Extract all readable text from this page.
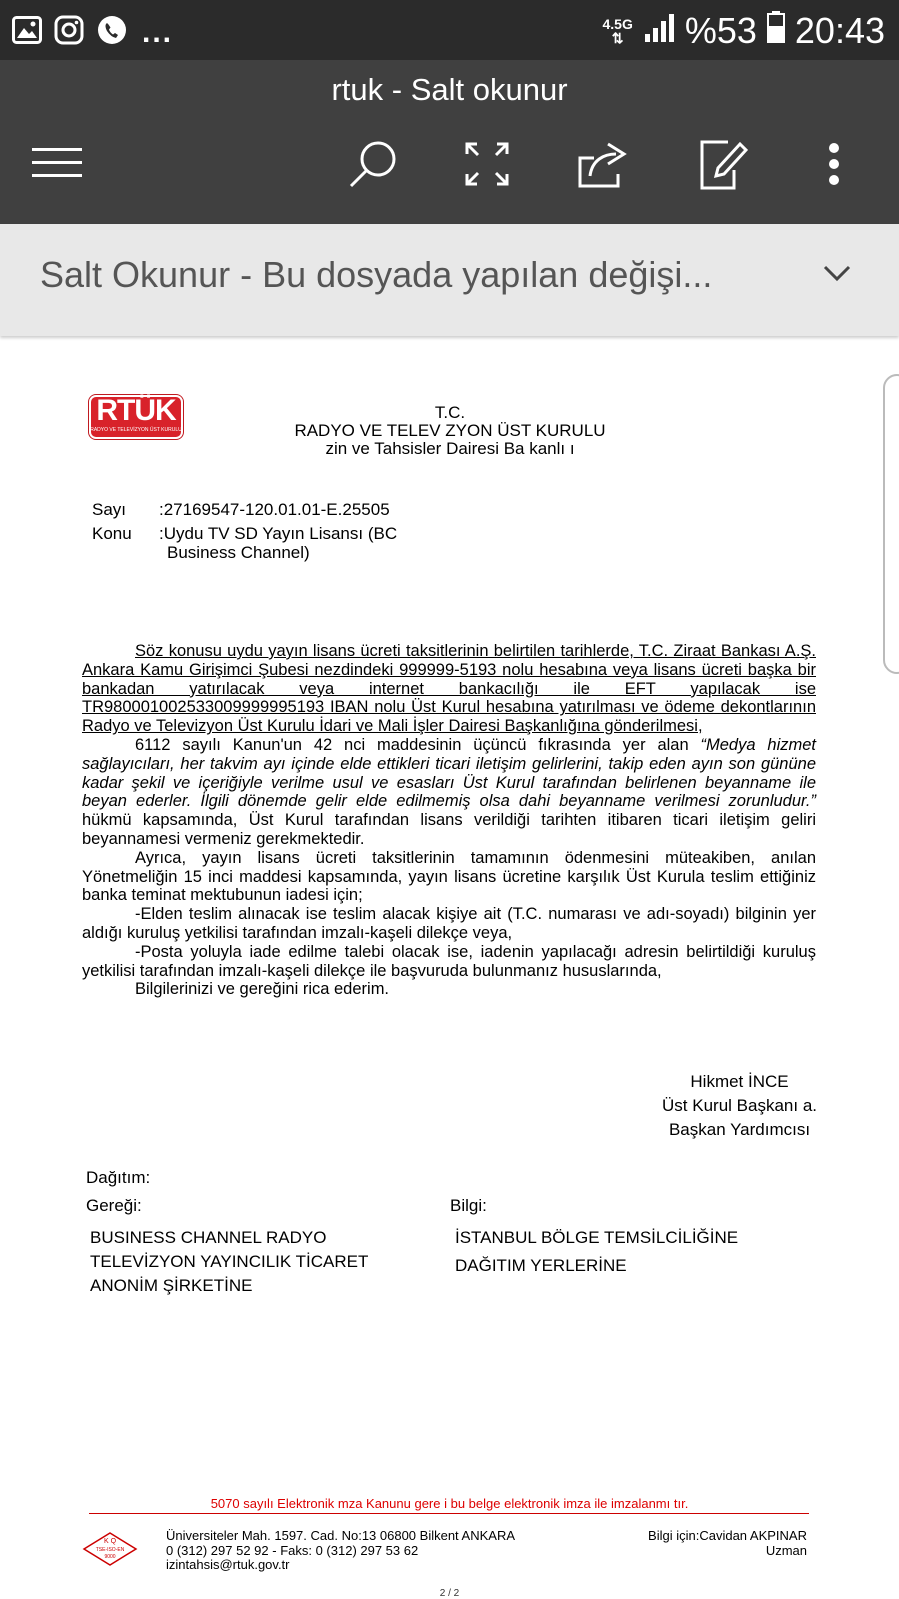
...	4.5G
⇅ %53 20:43
rtuk - Salt okunur
Salt Okunur - Bu dosyada yapılan değişi...
RTÜK
RADYO VE TELEVİZYON ÜST KURULU
T.C.
RADYO VE TELEV ZYON ÜST KURULU
zin ve Tahsisler Dairesi Ba kanlı ı
Sayı :27169547-120.01.01-E.25505
Konu :Uydu TV SD Yayın Lisansı (BC
Business Channel)

Söz konusu uydu yayın lisans ücreti taksitlerinin belirtilen tarihlerde, T.C. Ziraat Bankası A.Ş. Ankara Kamu Girişimci Şubesi nezdindeki 999999-5193 nolu hesabına veya lisans ücreti başka bir bankadan yatırılacak veya internet bankacılığı ile EFT yapılacak ise TR980001002533009999995193 IBAN nolu Üst Kurul hesabına yatırılması ve ödeme dekontlarının Radyo ve Televizyon Üst Kurulu İdari ve Mali İşler Dairesi Başkanlığına gönderilmesi,

6112 sayılı Kanun'un 42 nci maddesinin üçüncü fıkrasında yer alan “Medya hizmet sağlayıcıları, her takvim ayı içinde elde ettikleri ticari iletişim gelirlerini, takip eden ayın son gününe kadar şekil ve içeriğiyle verilme usul ve esasları Üst Kurul tarafından belirlenen beyanname ile beyan ederler. İlgili dönemde gelir elde edilmemiş olsa dahi beyanname verilmesi zorunludur.” hükmü kapsamında, Üst Kurul tarafından lisans verildiği tarihten itibaren ticari iletişim geliri beyannamesi vermeniz gerekmektedir.

Ayrıca, yayın lisans ücreti taksitlerinin tamamının ödenmesini müteakiben, anılan Yönetmeliğin 15 inci maddesi kapsamında, yayın lisans ücretine karşılık Üst Kurula teslim ettiğiniz banka teminat mektubunun iadesi için;

-Elden teslim alınacak ise teslim alacak kişiye ait (T.C. numarası ve adı-soyadı) bilginin yer aldığı kuruluş yetkilisi tarafından imzalı-kaşeli dilekçe veya,

-Posta yoluyla iade edilme talebi olacak ise, iadenin yapılacağı adresin belirtildiği kuruluş yetkilisi tarafından imzalı-kaşeli dilekçe ile başvuruda bulunmanız hususlarında,

Bilgilerinizi ve gereğini rica ederim.

Hikmet İNCE
Üst Kurul Başkanı a.
Başkan Yardımcısı
Dağıtım:
Gereği:	Bilgi:
BUSINESS CHANNEL RADYO
TELEVİZYON YAYINCILIK TİCARET
ANONİM ŞİRKETİNE
İSTANBUL BÖLGE TEMSİLCİLİĞİNE
DAĞITIM YERLERİNE
5070 sayılı Elektronik mza Kanunu gere i bu belge elektronik imza ile imzalanmı tır.
K Q
TSE-ISO-EN
9000
Üniversiteler Mah. 1597. Cad. No:13 06800 Bilkent ANKARA
0 (312) 297 52 92 - Faks: 0 (312) 297 53 62
izintahsis@rtuk.gov.tr
Bilgi için:Cavidan AKPINAR
Uzman
2 / 2
